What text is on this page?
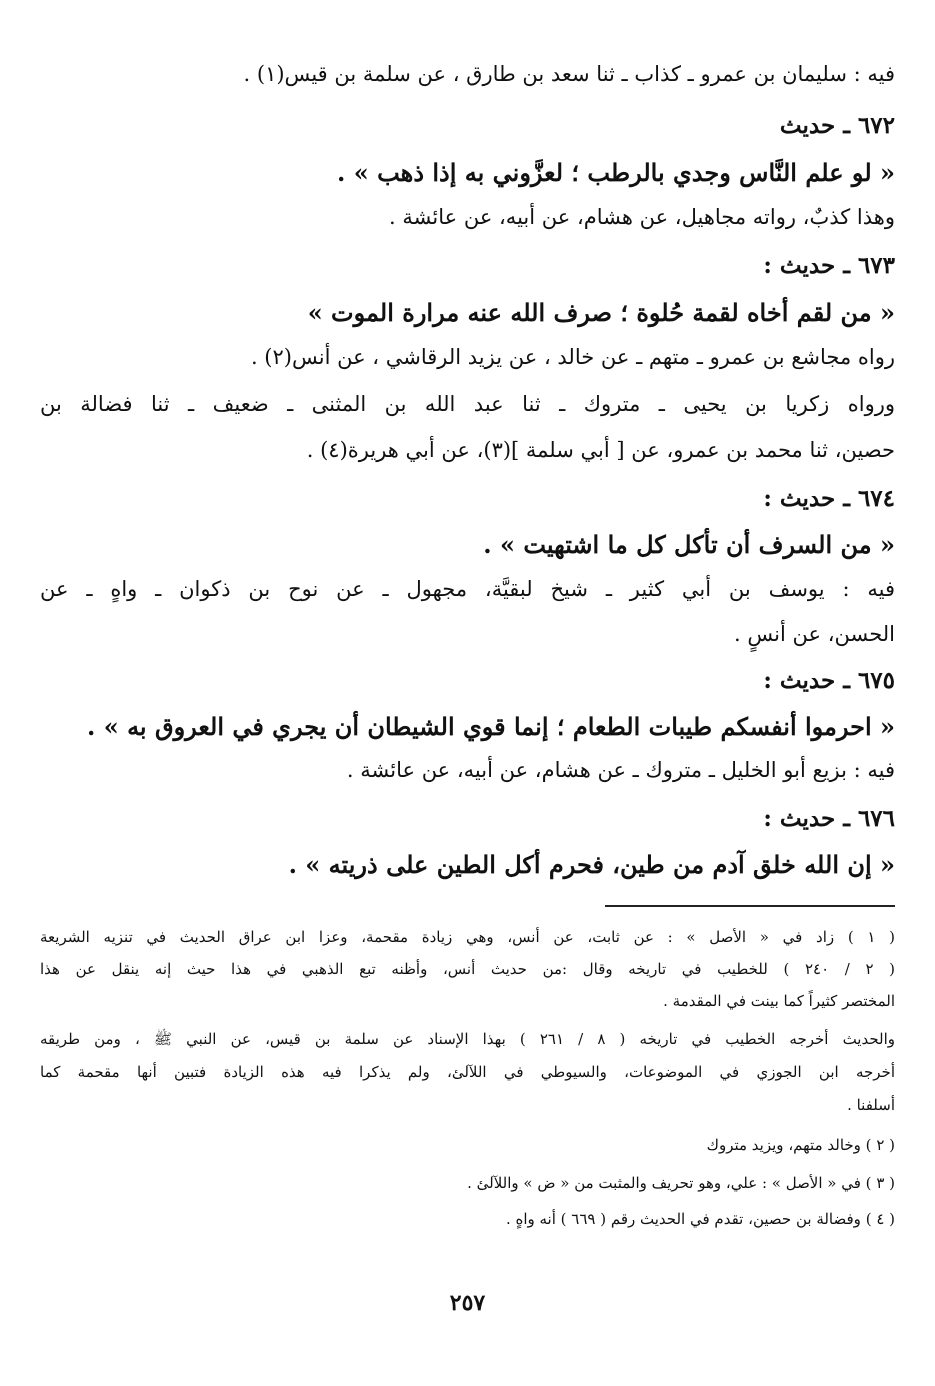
فيه : سليمان بن عمرو ـ كذاب ـ ثنا سعد بن طارق ، عن سلمة بن قيس(١) .
٦٧٢ ـ حديث
« لو علم النَّاس وجدي بالرطب ؛ لعزَّوني به إذا ذهب » .
وهذا كذبٌ، رواته مجاهيل، عن هشام، عن أبيه، عن عائشة .
٦٧٣ ـ حديث :
« من لقم أخاه لقمة حُلوة ؛ صرف الله عنه مرارة الموت »
رواه مجاشع بن عمرو ـ متهم ـ عن خالد ، عن يزيد الرقاشي ، عن أنس(٢) .
ورواه زكريا بن يحيى ـ متروك ـ ثنا عبد الله بن المثنى ـ ضعيف ـ ثنا فضالة بن
حصين، ثنا محمد بن عمرو، عن [ أبي سلمة ](٣)، عن أبي هريرة(٤) .
٦٧٤ ـ حديث :
« من السرف أن تأكل كل ما اشتهيت » .
فيه : يوسف بن أبي كثير ـ شيخ لبقيَّة، مجهول ـ عن نوح بن ذكوان ـ واهٍ ـ عن
الحسن، عن أنسٍ .
٦٧٥ ـ حديث :
« احرموا أنفسكم طيبات الطعام ؛ إنما قوي الشيطان أن يجري في العروق به » .
فيه : بزيع أبو الخليل ـ متروك ـ عن هشام، عن أبيه، عن عائشة .
٦٧٦ ـ حديث :
« إن الله خلق آدم من طين، فحرم أكل الطين على ذريته » .
( ١ ) زاد في « الأصل » : عن ثابت، عن أنس، وهي زيادة مقحمة، وعزا ابن عراق الحديث في تنزيه الشريعة
( ٢ / ٢٤٠ ) للخطيب في تاريخه وقال :من حديث أنس، وأظنه تبع الذهبي في هذا حيث إنه ينقل عن هذا
المختصر كثيراً كما بينت في المقدمة .
والحديث أخرجه الخطيب في تاريخه ( ٨ / ٢٦١ ) بهذا الإسناد عن سلمة بن قيس، عن النبي ﷺ ، ومن طريقه
أخرجه ابن الجوزي في الموضوعات، والسيوطي في اللآلئ، ولم يذكرا فيه هذه الزيادة فتبين أنها مقحمة كما
أسلفنا .
( ٢ ) وخالد متهم، ويزيد متروك
( ٣ ) في « الأصل » : علي، وهو تحريف والمثبت من « ض » واللآلئ .
( ٤ ) وفضالة بن حصين، تقدم في الحديث رقم ( ٦٦٩ ) أنه واهٍ .
٢٥٧
